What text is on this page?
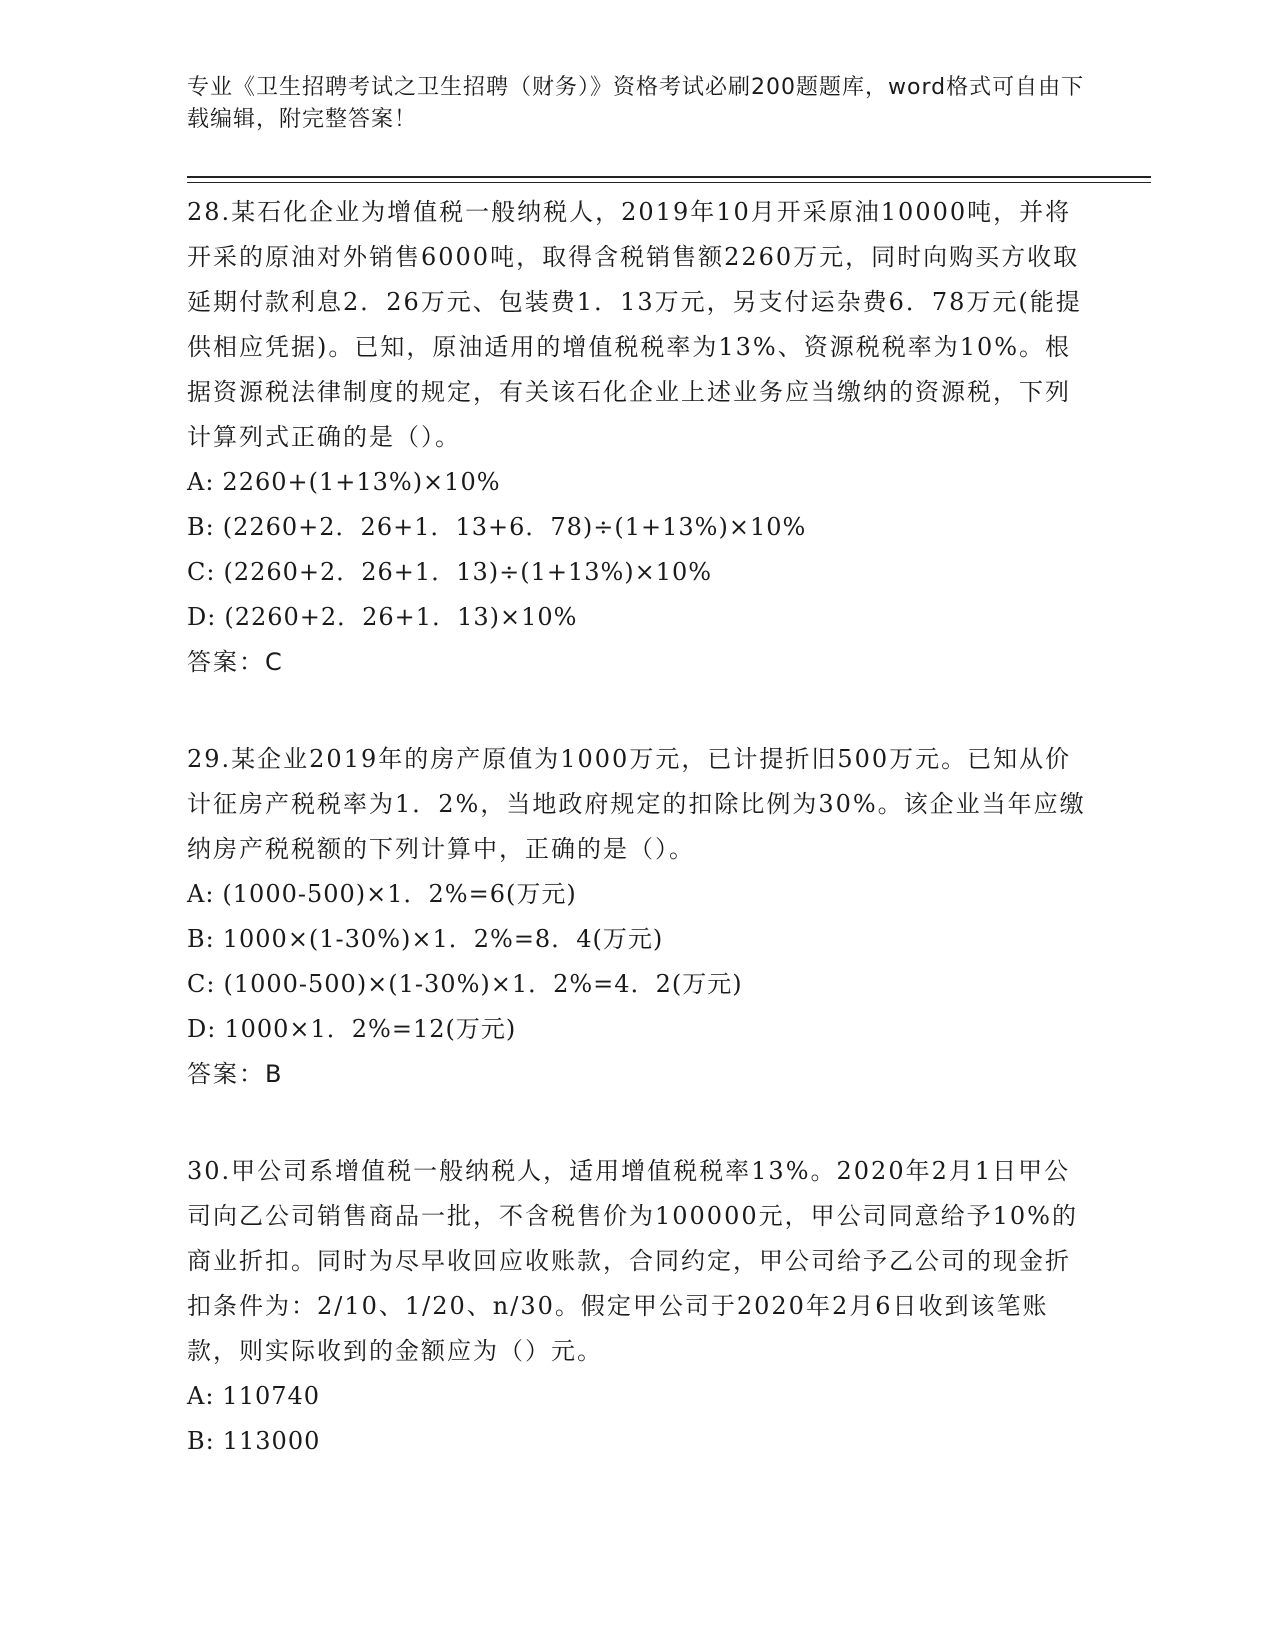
专业《卫生招聘考试之卫生招聘（财务）》资格考试必刷200题题库，word格式可自由下载编辑，附完整答案！

28.某石化企业为增值税一般纳税人，2019年10月开采原油10000吨，并将开采的原油对外销售6000吨，取得含税销售额2260万元，同时向购买方收取延期付款利息2．26万元、包装费1．13万元，另支付运杂费6．78万元(能提供相应凭据)。已知，原油适用的增值税税率为13%、资源税税率为10%。根据资源税法律制度的规定，有关该石化企业上述业务应当缴纳的资源税，下列计算列式正确的是（）。

A: 2260+(1+13%)×10%

B: (2260+2．26+1．13+6．78)÷(1+13%)×10%

C: (2260+2．26+1．13)÷(1+13%)×10%

D: (2260+2．26+1．13)×10%

答案：C

29.某企业2019年的房产原值为1000万元，已计提折旧500万元。已知从价计征房产税税率为1．2%，当地政府规定的扣除比例为30%。该企业当年应缴纳房产税税额的下列计算中，正确的是（）。

A: (1000-500)×1．2%=6(万元)

B: 1000×(1-30%)×1．2%=8．4(万元)

C: (1000-500)×(1-30%)×1．2%=4．2(万元)

D: 1000×1．2%=12(万元)

答案：B

30.甲公司系增值税一般纳税人，适用增值税税率13%。2020年2月1日甲公司向乙公司销售商品一批，不含税售价为100000元，甲公司同意给予10%的商业折扣。同时为尽早收回应收账款，合同约定，甲公司给予乙公司的现金折扣条件为：2/10、1/20、n/30。假定甲公司于2020年2月6日收到该笔账款，则实际收到的金额应为（）元。

A: 110740

B: 113000
